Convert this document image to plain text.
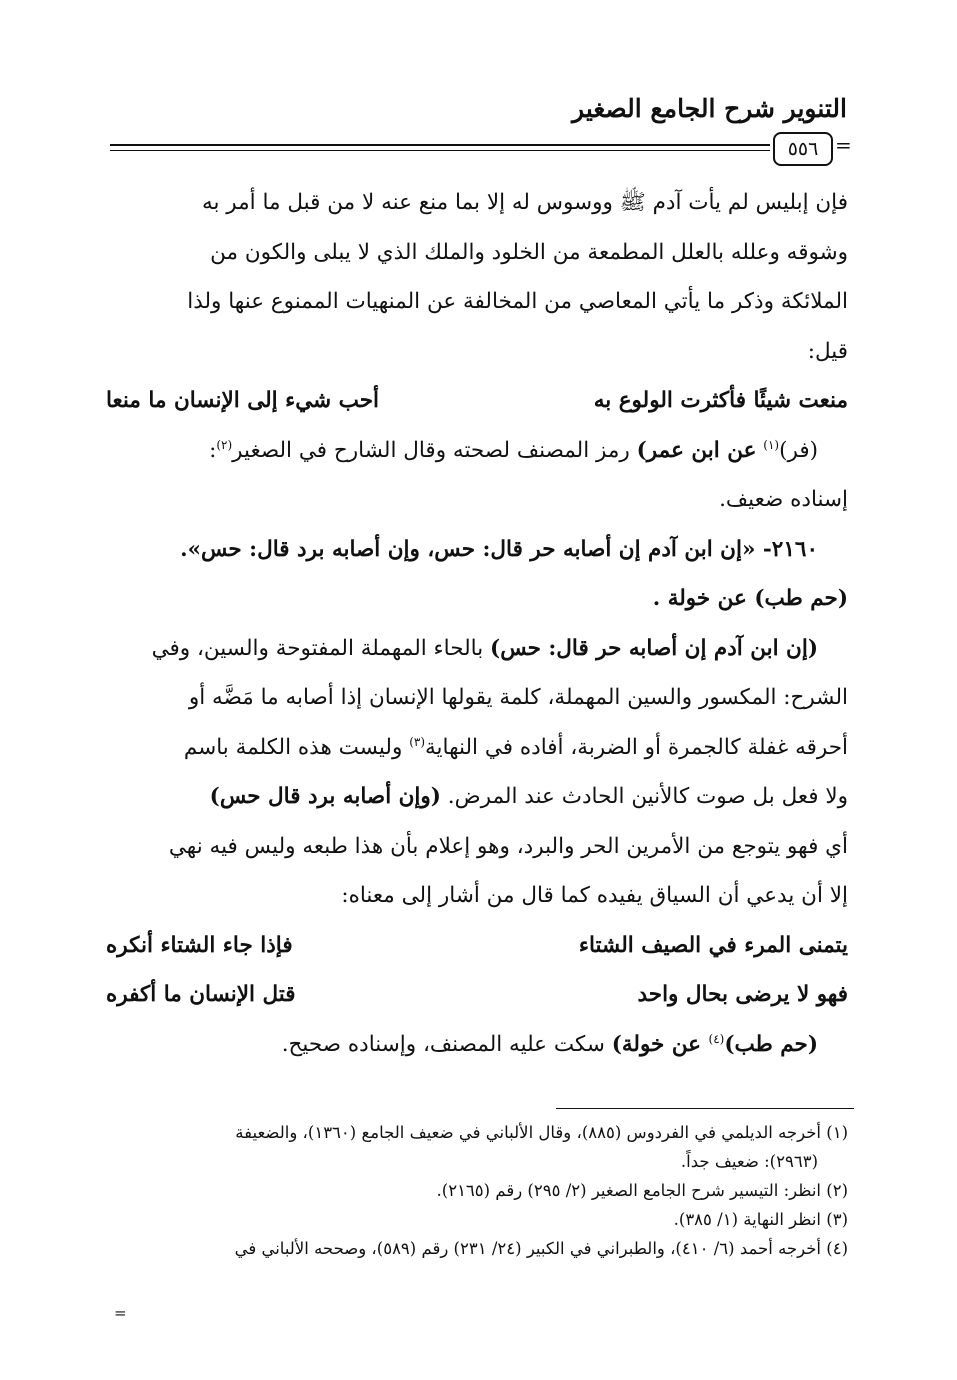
التنوير شرح الجامع الصغير
٥٥٦ =
فإن إبليس لم يأت آدم ﷺ ووسوس له إلا بما منع عنه لا من قبل ما أمر به
وشوقه وعلله بالعلل المطمعة من الخلود والملك الذي لا يبلى والكون من
الملائكة وذكر ما يأتي المعاصي من المخالفة عن المنهيات الممنوع عنها ولذا
قيل:
منعت شيئًا فأكثرت الولوع به
أحب شيء إلى الإنسان ما منعا
(فر)$^{(١)}$ عن ابن عمر) رمز المصنف لصحته وقال الشارح في الصغير$^{(٢)}$:
إسناده ضعيف.
٢١٦٠- «إن ابن آدم إن أصابه حر قال: حس، وإن أصابه برد قال: حس».
(حم طب) عن خولة .
(إن ابن آدم إن أصابه حر قال: حس) بالحاء المهملة المفتوحة والسين، وفي
الشرح: المكسور والسين المهملة، كلمة يقولها الإنسان إذا أصابه ما مَضَّه أو
أحرقه غفلة كالجمرة أو الضربة، أفاده في النهاية$^{(٣)}$ وليست هذه الكلمة باسم
ولا فعل بل صوت كالأنين الحادث عند المرض. (وإن أصابه برد قال حس)
أي فهو يتوجع من الأمرين الحر والبرد، وهو إعلام بأن هذا طبعه وليس فيه نهي
إلا أن يدعي أن السياق يفيده كما قال من أشار إلى معناه:
يتمنى المرء في الصيف الشتاء
فإذا جاء الشتاء أنكره
فهو لا يرضى بحال واحد
قتل الإنسان ما أكفره
(حم طب)$^{(٤)}$ عن خولة) سكت عليه المصنف، وإسناده صحيح.
(١) أخرجه الديلمي في الفردوس (٨٨٥)، وقال الألباني في ضعيف الجامع (١٣٦٠)، والضعيفة
(٢٩٦٣): ضعيف جداً.
(٢) انظر: التيسير شرح الجامع الصغير (٢/ ٢٩٥) رقم (٢١٦٥).
(٣) انظر النهاية (١/ ٣٨٥).
(٤) أخرجه أحمد (٦/ ٤١٠)، والطبراني في الكبير (٢٤/ ٢٣١) رقم (٥٨٩)، وصححه الألباني في
=
